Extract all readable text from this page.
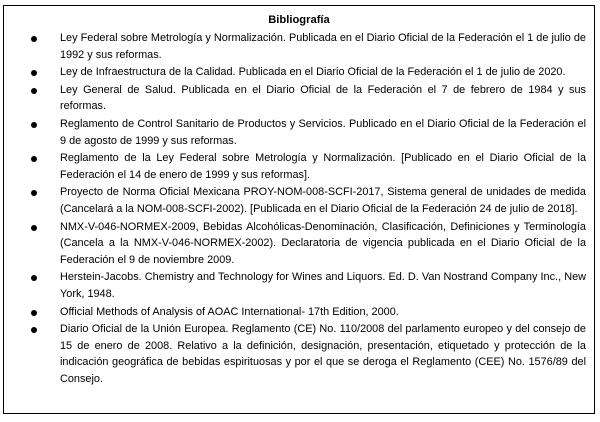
Bibliografía
Ley Federal sobre Metrología y Normalización. Publicada en el Diario Oficial de la Federación el 1 de julio de 1992 y sus reformas.
Ley de Infraestructura de la Calidad. Publicada en el Diario Oficial de la Federación el 1 de julio de 2020.
Ley General de Salud. Publicada en el Diario Oficial de la Federación el 7 de febrero de 1984 y sus reformas.
Reglamento de Control Sanitario de Productos y Servicios. Publicado en el Diario Oficial de la Federación el 9 de agosto de 1999 y sus reformas.
Reglamento de la Ley Federal sobre Metrología y Normalización. [Publicado en el Diario Oficial de la Federación el 14 de enero de 1999 y sus reformas].
Proyecto de Norma Oficial Mexicana PROY-NOM-008-SCFI-2017, Sistema general de unidades de medida (Cancelará a la NOM-008-SCFI-2002). [Publicada en el Diario Oficial de la Federación 24 de julio de 2018].
NMX-V-046-NORMEX-2009, Bebidas Alcohólicas-Denominación, Clasificación, Definiciones y Terminología (Cancela a la NMX-V-046-NORMEX-2002). Declaratoria de vigencia publicada en el Diario Oficial de la Federación el 9 de noviembre 2009.
Herstein-Jacobs. Chemistry and Technology for Wines and Liquors. Ed. D. Van Nostrand Company Inc., New York, 1948.
Official Methods of Analysis of AOAC International- 17th Edition, 2000.
Diario Oficial de la Unión Europea. Reglamento (CE) No. 110/2008 del parlamento europeo y del consejo de 15 de enero de 2008. Relativo a la definición, designación, presentación, etiquetado y protección de la indicación geográfica de bebidas espirituosas y por el que se deroga el Reglamento (CEE) No. 1576/89 del Consejo.
